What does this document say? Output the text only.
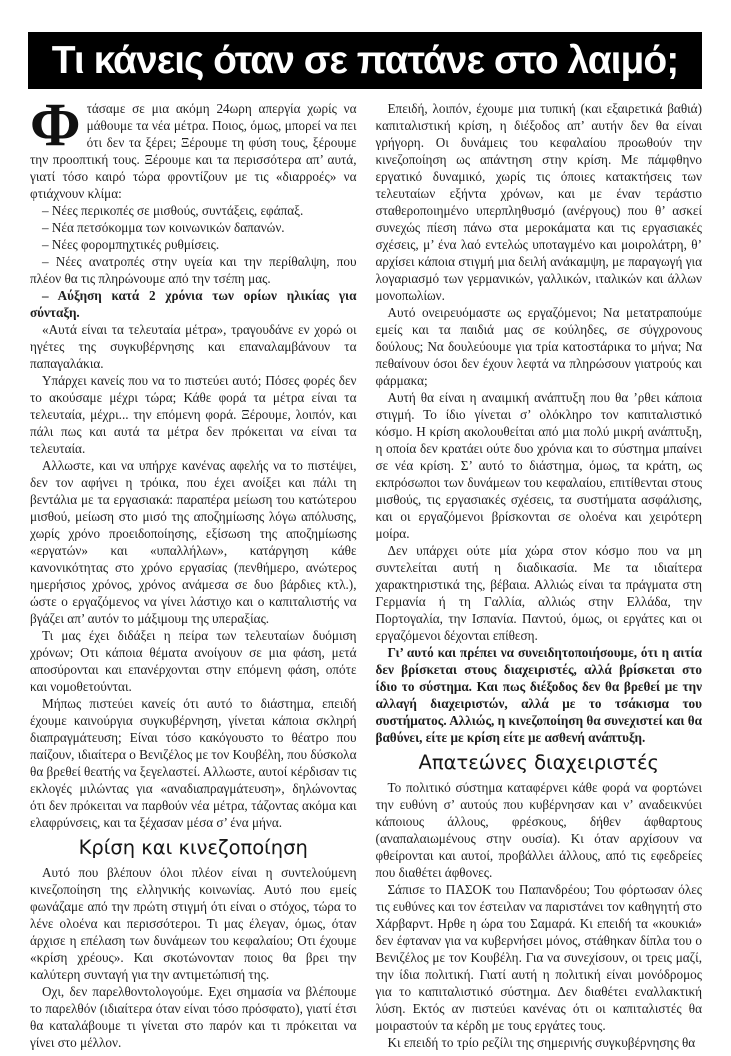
Τι κάνεις όταν σε πατάνε στο λαιμό;

Φτάσαμε σε μια ακόμη 24ωρη απεργία χωρίς να μάθουμε τα νέα μέτρα. Ποιος, όμως, μπορεί να πει ότι δεν τα ξέρει; Ξέρουμε τη φύση τους, ξέρουμε την προοπτική τους. Ξέρουμε και τα περισσότερα απ’ αυτά, γιατί τόσο καιρό τώρα φροντίζουν με τις «διαρροές» να φτιάχνουν κλίμα:

– Νέες περικοπές σε μισθούς, συντάξεις, εφάπαξ.

– Νέα πετσόκομμα των κοινωνικών δαπανών.

– Νέες φορομπηχτικές ρυθμίσεις.

– Νέες ανατροπές στην υγεία και την περίθαλψη, που πλέον θα τις πληρώνουμε από την τσέπη μας.

– Αύξηση κατά 2 χρόνια των ορίων ηλικίας για σύνταξη.

«Αυτά είναι τα τελευταία μέτρα», τραγουδάνε εν χορώ οι ηγέτες της συγκυβέρνησης και επαναλαμβάνουν τα παπαγαλάκια.

Υπάρχει κανείς που να το πιστεύει αυτό; Πόσες φορές δεν το ακούσαμε μέχρι τώρα; Κάθε φορά τα μέτρα είναι τα τελευταία, μέχρι... την επόμενη φορά. Ξέρουμε, λοιπόν, και πάλι πως και αυτά τα μέτρα δεν πρόκειται να είναι τα τελευταία.

Αλλωστε, και να υπήρχε κανένας αφελής να το πιστέψει, δεν τον αφήνει η τρόικα, που έχει ανοίξει και πάλι τη βεντάλια με τα εργασιακά: παραπέρα μείωση του κατώτερου μισθού, μείωση στο μισό της αποζημίωσης λόγω απόλυσης, χωρίς χρόνο προειδοποίησης, εξίσωση της αποζημίωσης «εργατών» και «υπαλλήλων», κατάργηση κάθε κανονικότητας στο χρόνο εργασίας (πενθήμερο, ανώτερος ημερήσιος χρόνος, χρόνος ανάμεσα σε δυο βάρδιες κτλ.), ώστε ο εργαζόμενος να γίνει λάστιχο και ο καπιταλιστής να βγάζει απ’ αυτόν το μάξιμουμ της υπεραξίας.

Τι μας έχει διδάξει η πείρα των τελευταίων δυόμιση χρόνων; Οτι κάποια θέματα ανοίγουν σε μια φάση, μετά αποσύρονται και επανέρχονται στην επόμενη φάση, οπότε και νομοθετούνται.

Μήπως πιστεύει κανείς ότι αυτό το διάστημα, επειδή έχουμε καινούργια συγκυβέρνηση, γίνεται κάποια σκληρή διαπραγμάτευση; Είναι τόσο κακόγουστο το θέατρο που παίζουν, ιδιαίτερα ο Βενιζέλος με τον Κουβέλη, που δύσκολα θα βρεθεί θεατής να ξεγελαστεί. Αλλωστε, αυτοί κέρδισαν τις εκλογές μιλώντας για «αναδιαπραγμάτευση», δηλώνοντας ότι δεν πρόκειται να παρθούν νέα μέτρα, τάζοντας ακόμα και ελαφρύνσεις, και τα ξέχασαν μέσα σ’ ένα μήνα.

Κρίση και κινεζοποίηση

Αυτό που βλέπουν όλοι πλέον είναι η συντελούμενη κινεζοποίηση της ελληνικής κοινωνίας. Αυτό που εμείς φωνάζαμε από την πρώτη στιγμή ότι είναι ο στόχος, τώρα το λένε ολοένα και περισσότεροι. Τι μας έλεγαν, όμως, όταν άρχισε η επέλαση των δυνάμεων του κεφαλαίου; Οτι έχουμε «κρίση χρέους». Και σκοτώνονταν ποιος θα βρει την καλύτερη συνταγή για την αντιμετώπισή της.

Οχι, δεν παρελθοντολογούμε. Εχει σημασία να βλέπουμε το παρελθόν (ιδιαίτερα όταν είναι τόσο πρόσφατο), γιατί έτσι θα καταλάβουμε τι γίνεται στο παρόν και τι πρόκειται να γίνει στο μέλλον.

Επειδή, λοιπόν, έχουμε μια τυπική (και εξαιρετικά βαθιά) καπιταλιστική κρίση, η διέξοδος απ’ αυτήν δεν θα είναι γρήγορη. Οι δυνάμεις του κεφαλαίου προωθούν την κινεζοποίηση ως απάντηση στην κρίση. Με πάμφθηνο εργατικό δυναμικό, χωρίς τις όποιες κατακτήσεις των τελευταίων εξήντα χρόνων, και με έναν τεράστιο σταθεροποιημένο υπερπληθυσμό (ανέργους) που θ’ ασκεί συνεχώς πίεση πάνω στα μεροκάματα και τις εργασιακές σχέσεις, μ’ ένα λαό εντελώς υποταγμένο και μοιρολάτρη, θ’ αρχίσει κάποια στιγμή μια δειλή ανάκαμψη, με παραγωγή για λογαριασμό των γερμανικών, γαλλικών, ιταλικών και άλλων μονοπωλίων.

Αυτό ονειρευόμαστε ως εργαζόμενοι; Να μετατραπούμε εμείς και τα παιδιά μας σε κούληδες, σε σύγχρονους δούλους; Να δουλεύουμε για τρία κατοστάρικα το μήνα; Να πεθαίνουν όσοι δεν έχουν λεφτά να πληρώσουν γιατρούς και φάρμακα;

Αυτή θα είναι η αναιμική ανάπτυξη που θα ’ρθει κάποια στιγμή. Το ίδιο γίνεται σ’ ολόκληρο τον καπιταλιστικό κόσμο. Η κρίση ακολουθείται από μια πολύ μικρή ανάπτυξη, η οποία δεν κρατάει ούτε δυο χρόνια και το σύστημα μπαίνει σε νέα κρίση. Σ’ αυτό το διάστημα, όμως, τα κράτη, ως εκπρόσωποι των δυνάμεων του κεφαλαίου, επιτίθενται στους μισθούς, τις εργασιακές σχέσεις, τα συστήματα ασφάλισης, και οι εργαζόμενοι βρίσκονται σε ολοένα και χειρότερη μοίρα.

Δεν υπάρχει ούτε μία χώρα στον κόσμο που να μη συντελείται αυτή η διαδικασία. Με τα ιδιαίτερα χαρακτηριστικά της, βέβαια. Αλλιώς είναι τα πράγματα στη Γερμανία ή τη Γαλλία, αλλιώς στην Ελλάδα, την Πορτογαλία, την Ισπανία. Παντού, όμως, οι εργάτες και οι εργαζόμενοι δέχονται επίθεση.

Γι’ αυτό και πρέπει να συνειδητοποιήσουμε, ότι η αιτία δεν βρίσκεται στους διαχειριστές, αλλά βρίσκεται στο ίδιο το σύστημα. Και πως διέξοδος δεν θα βρεθεί με την αλλαγή διαχειριστών, αλλά με το τσάκισμα του συστήματος. Αλλιώς, η κινεζοποίηση θα συνεχιστεί και θα βαθύνει, είτε με κρίση είτε με ασθενή ανάπτυξη.

Απατεώνες διαχειριστές

Το πολιτικό σύστημα καταφέρνει κάθε φορά να φορτώνει την ευθύνη σ’ αυτούς που κυβέρνησαν και ν’ αναδεικνύει κάποιους άλλους, φρέσκους, δήθεν άφθαρτους (αναπαλαιωμένους στην ουσία). Κι όταν αρχίσουν να φθείρονται και αυτοί, προβάλλει άλλους, από τις εφεδρείες που διαθέτει άφθονες.

Σάπισε το ΠΑΣΟΚ του Παπανδρέου; Του φόρτωσαν όλες τις ευθύνες και τον έστειλαν να παριστάνει τον καθηγητή στο Χάρβαρντ. Ηρθε η ώρα του Σαμαρά. Κι επειδή τα «κουκιά» δεν έφταναν για να κυβερνήσει μόνος, στάθηκαν δίπλα του ο Βενιζέλος με τον Κουβέλη. Για να συνεχίσουν, οι τρεις μαζί, την ίδια πολιτική. Γιατί αυτή η πολιτική είναι μονόδρομος για το καπιταλιστικό σύστημα. Δεν διαθέτει εναλλακτική λύση. Εκτός αν πιστεύει κανένας ότι οι καπιταλιστές θα μοιραστούν τα κέρδη με τους εργάτες τους.

Κι επειδή το τρίο ρεζίλι της σημερινής συγκυβέρνησης θα
